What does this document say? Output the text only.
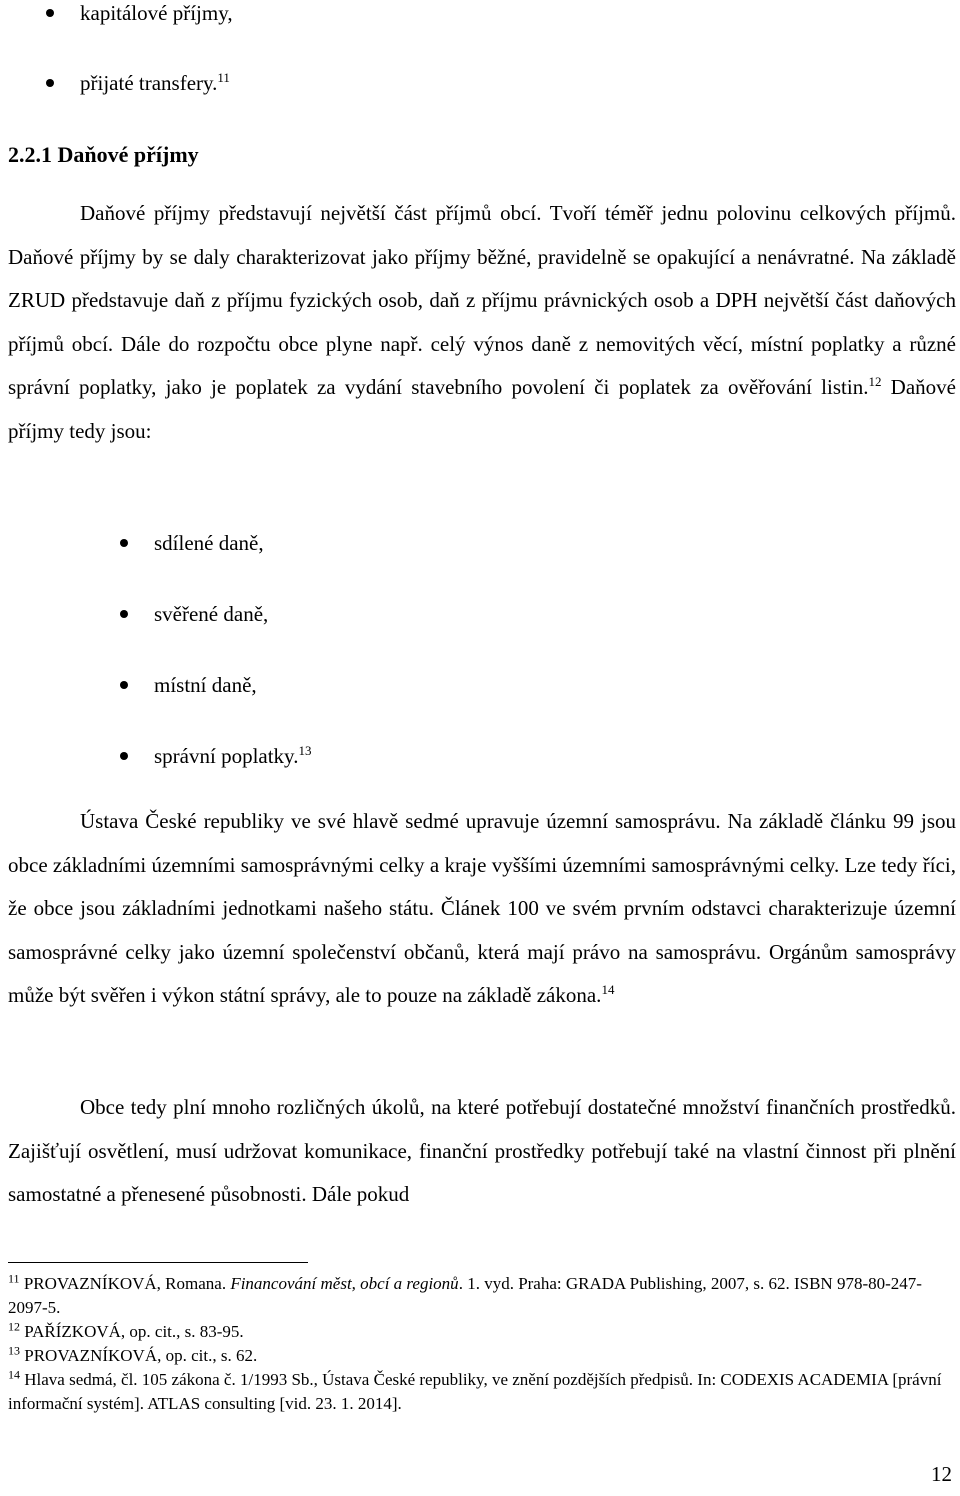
kapitálové příjmy,
přijaté transfery.$^{11}$
2.2.1 Daňové příjmy

Daňové příjmy představují největší část příjmů obcí. Tvoří téměř jednu polovinu celkových příjmů. Daňové příjmy by se daly charakterizovat jako příjmy běžné, pravidelně se opakující a nenávratné. Na základě ZRUD představuje daň z příjmu fyzických osob, daň z příjmu právnických osob a DPH největší část daňových příjmů obcí. Dále do rozpočtu obce plyne např. celý výnos daně z nemovitých věcí, místní poplatky a různé správní poplatky, jako je poplatek za vydání stavebního povolení či poplatek za ověřování listin.$^{12}$ Daňové příjmy tedy jsou:

sdílené daně,
svěřené daně,
místní daně,
správní poplatky.$^{13}$

Ústava České republiky ve své hlavě sedmé upravuje územní samosprávu. Na základě článku 99 jsou obce základními územními samosprávnými celky a kraje vyššími územními samosprávnými celky. Lze tedy říci, že obce jsou základními jednotkami našeho státu. Článek 100 ve svém prvním odstavci charakterizuje územní samosprávné celky jako územní společenství občanů, která mají právo na samosprávu. Orgánům samosprávy může být svěřen i výkon státní správy, ale to pouze na základě zákona.$^{14}$

Obce tedy plní mnoho rozličných úkolů, na které potřebují dostatečné množství finančních prostředků. Zajišťují osvětlení, musí udržovat komunikace, finanční prostředky potřebují také na vlastní činnost při plnění samostatné a přenesené působnosti. Dále pokud

$^{11}$ PROVAZNÍKOVÁ, Romana. Financování měst, obcí a regionů. 1. vyd. Praha: GRADA Publishing, 2007, s. 62. ISBN 978-80-247-2097-5.

$^{12}$ PAŘÍZKOVÁ, op. cit., s. 83-95.

$^{13}$ PROVAZNÍKOVÁ, op. cit., s. 62.

$^{14}$ Hlava sedmá, čl. 105 zákona č. 1/1993 Sb., Ústava České republiky, ve znění pozdějších předpisů. In: CODEXIS ACADEMIA [právní informační systém]. ATLAS consulting [vid. 23. 1. 2014].

12
